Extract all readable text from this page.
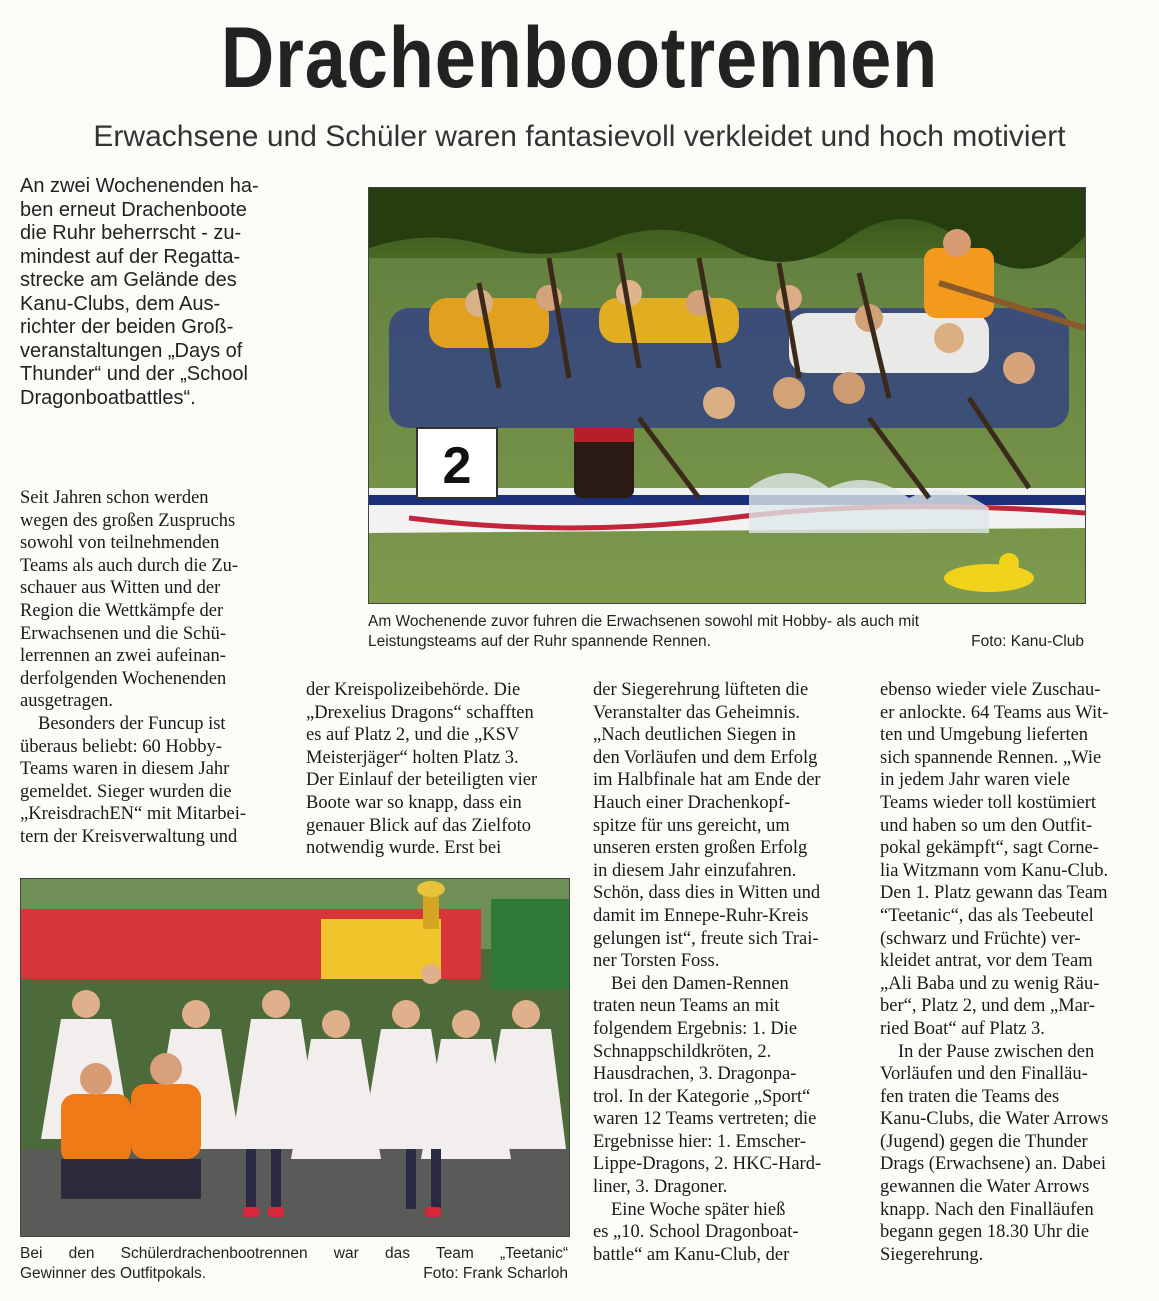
Drachenbootrennen
Erwachsene und Schüler waren fantasievoll verkleidet und hoch motiviert
An zwei Wochenenden ha-
ben erneut Drachenboote
die Ruhr beherrscht - zu-
mindest auf der Regatta-
strecke am Gelände des
Kanu-Clubs, dem Aus-
richter der beiden Groß-
veranstaltungen „Days of
Thunder“ und der „School
Dragonboatbattles“.
Seit Jahren schon werden
wegen des großen Zuspruchs
sowohl von teilnehmenden
Teams als auch durch die Zu-
schauer aus Witten und der
Region die Wettkämpfe der
Erwachsenen und die Schü-
lerrennen an zwei aufeinan-
derfolgenden Wochenenden
ausgetragen.
Besonders der Funcup ist
überaus beliebt: 60 Hobby-
Teams waren in diesem Jahr
gemeldet. Sieger wurden die
„KreisdrachEN“ mit Mitarbei-
tern der Kreisverwaltung und
der Kreispolizeibehörde. Die
„Drexelius Dragons“ schafften
es auf Platz 2, und die „KSV
Meisterjäger“ holten Platz 3.
Der Einlauf der beteiligten vier
Boote war so knapp, dass ein
genauer Blick auf das Zielfoto
notwendig wurde. Erst bei
der Siegerehrung lüfteten die
Veranstalter das Geheimnis.
„Nach deutlichen Siegen in
den Vorläufen und dem Erfolg
im Halbfinale hat am Ende der
Hauch einer Drachenkopf-
spitze für uns gereicht, um
unseren ersten großen Erfolg
in diesem Jahr einzufahren.
Schön, dass dies in Witten und
damit im Ennepe-Ruhr-Kreis
gelungen ist“, freute sich Trai-
ner Torsten Foss.
Bei den Damen-Rennen
traten neun Teams an mit
folgendem Ergebnis: 1. Die
Schnappschildkröten, 2.
Hausdrachen, 3. Dragonpa-
trol. In der Kategorie „Sport“
waren 12 Teams vertreten; die
Ergebnisse hier: 1. Emscher-
Lippe-Dragons, 2. HKC-Hard-
liner, 3. Dragoner.
Eine Woche später hieß
es „10. School Dragonboat-
battle“ am Kanu-Club, der
ebenso wieder viele Zuschau-
er anlockte. 64 Teams aus Wit-
ten und Umgebung lieferten
sich spannende Rennen. „Wie
in jedem Jahr waren viele
Teams wieder toll kostümiert
und haben so um den Outfit-
pokal gekämpft“, sagt Corne-
lia Witzmann vom Kanu-Club.
Den 1. Platz gewann das Team
“Teetanic“, das als Teebeutel
(schwarz und Früchte) ver-
kleidet antrat, vor dem Team
„Ali Baba und zu wenig Räu-
ber“, Platz 2, und dem „Mar-
ried Boat“ auf Platz 3.
In der Pause zwischen den
Vorläufen und den Finalläu-
fen traten die Teams des
Kanu-Clubs, die Water Arrows
(Jugend) gegen die Thunder
Drags (Erwachsene) an. Dabei
gewannen die Water Arrows
knapp. Nach den Finalläufen
begann gegen 18.30 Uhr die
Siegerehrung.
2
Am Wochenende zuvor fuhren die Erwachsenen sowohl mit Hobby- als auch mit
Leistungsteams auf der Ruhr spannende Rennen.	Foto: Kanu-Club
Bei den Schülerdrachenbootrennen war das Team „Teetanic“
Gewinner des Outfitpokals.	Foto: Frank Scharloh
